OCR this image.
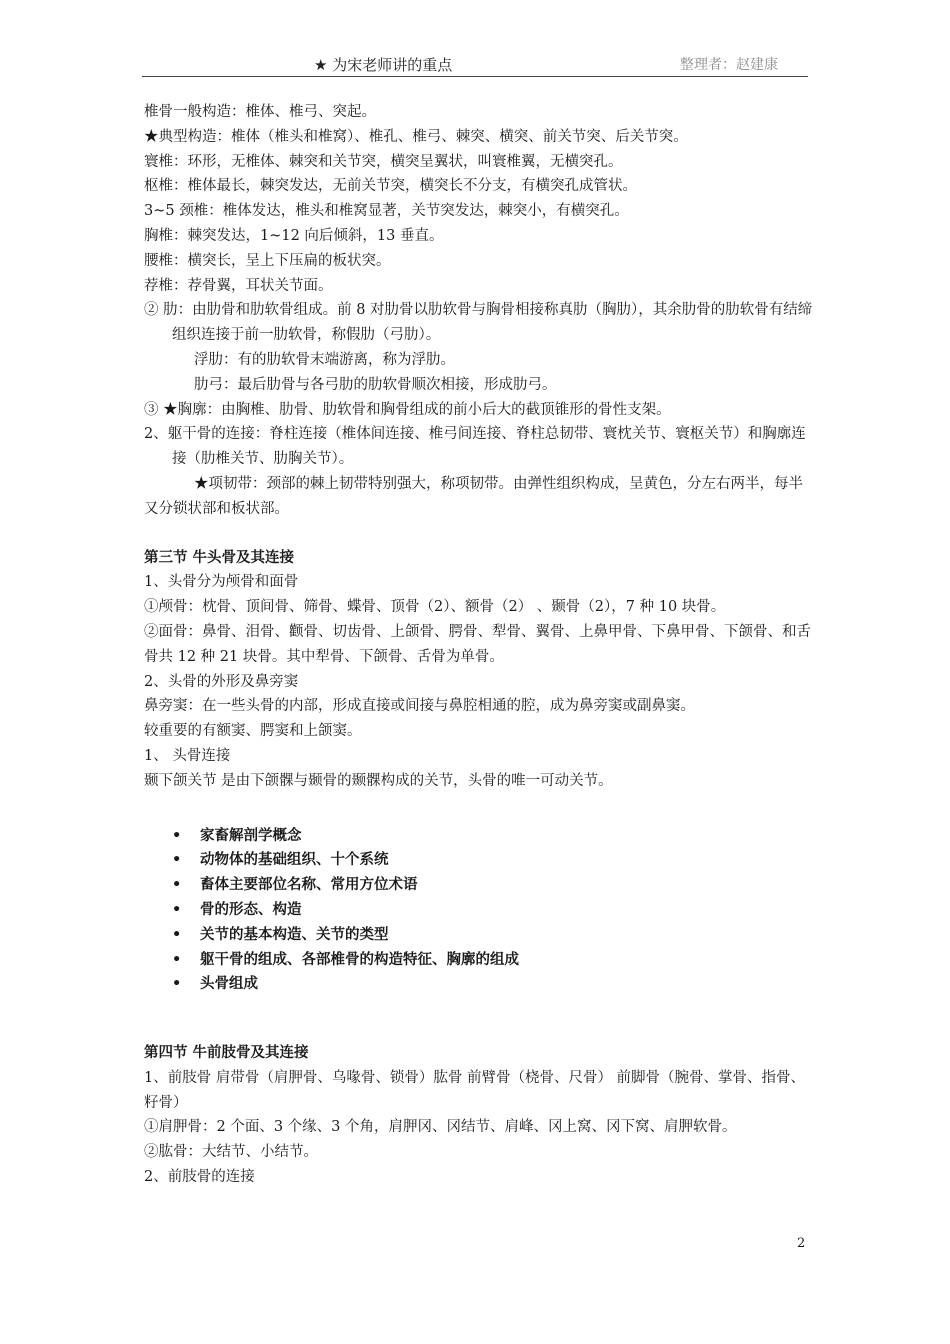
★ 为宋老师讲的重点	整理者：赵建康
椎骨一般构造：椎体、椎弓、突起。
★典型构造：椎体（椎头和椎窝）、椎孔、椎弓、棘突、横突、前关节突、后关节突。
寰椎：环形，无椎体、棘突和关节突，横突呈翼状，叫寰椎翼，无横突孔。
枢椎：椎体最长，棘突发达，无前关节突，横突长不分支，有横突孔成管状。
3~5 颈椎：椎体发达，椎头和椎窝显著，关节突发达，棘突小，有横突孔。
胸椎：棘突发达，1~12 向后倾斜，13 垂直。
腰椎：横突长，呈上下压扁的板状突。
荐椎：荐骨翼，耳状关节面。
② 肋：由肋骨和肋软骨组成。前 8 对肋骨以肋软骨与胸骨相接称真肋（胸肋），其余肋骨的肋软骨有结缔组织连接于前一肋软骨，称假肋（弓肋）。
浮肋：有的肋软骨末端游离，称为浮肋。
肋弓：最后肋骨与各弓肋的肋软骨顺次相接，形成肋弓。
③ ★胸廓：由胸椎、肋骨、肋软骨和胸骨组成的前小后大的截顶锥形的骨性支架。
2、躯干骨的连接：脊柱连接（椎体间连接、椎弓间连接、脊柱总韧带、寰枕关节、寰枢关节）和胸廓连接（肋椎关节、肋胸关节）。
★项韧带：颈部的棘上韧带特别强大，称项韧带。由弹性组织构成，呈黄色，分左右两半，每半又分锁状部和板状部。
第三节 牛头骨及其连接
1、头骨分为颅骨和面骨
①颅骨：枕骨、顶间骨、筛骨、蝶骨、顶骨（2）、额骨（2） 、颞骨（2），7 种 10 块骨。
②面骨：鼻骨、泪骨、颧骨、切齿骨、上颌骨、腭骨、犁骨、翼骨、上鼻甲骨、下鼻甲骨、下颌骨、和舌骨共 12 种 21 块骨。其中犁骨、下颌骨、舌骨为单骨。
2、头骨的外形及鼻旁窦
鼻旁窦：在一些头骨的内部，形成直接或间接与鼻腔相通的腔，成为鼻旁窦或副鼻窦。
较重要的有额窦、腭窦和上颌窦。
1、 头骨连接
颞下颌关节 是由下颌髁与颞骨的颞髁构成的关节，头骨的唯一可动关节。
• 家畜解剖学概念
• 动物体的基础组织、十个系统
• 畜体主要部位名称、常用方位术语
• 骨的形态、构造
• 关节的基本构造、关节的类型
• 躯干骨的组成、各部椎骨的构造特征、胸廓的组成
• 头骨组成
第四节 牛前肢骨及其连接
1、前肢骨 肩带骨（肩胛骨、乌喙骨、锁骨）肱骨 前臂骨（桡骨、尺骨） 前脚骨（腕骨、掌骨、指骨、籽骨）
①肩胛骨：2 个面、3 个缘、3 个角，肩胛冈、冈结节、肩峰、冈上窝、冈下窝、肩胛软骨。
②肱骨：大结节、小结节。
2、前肢骨的连接
2
